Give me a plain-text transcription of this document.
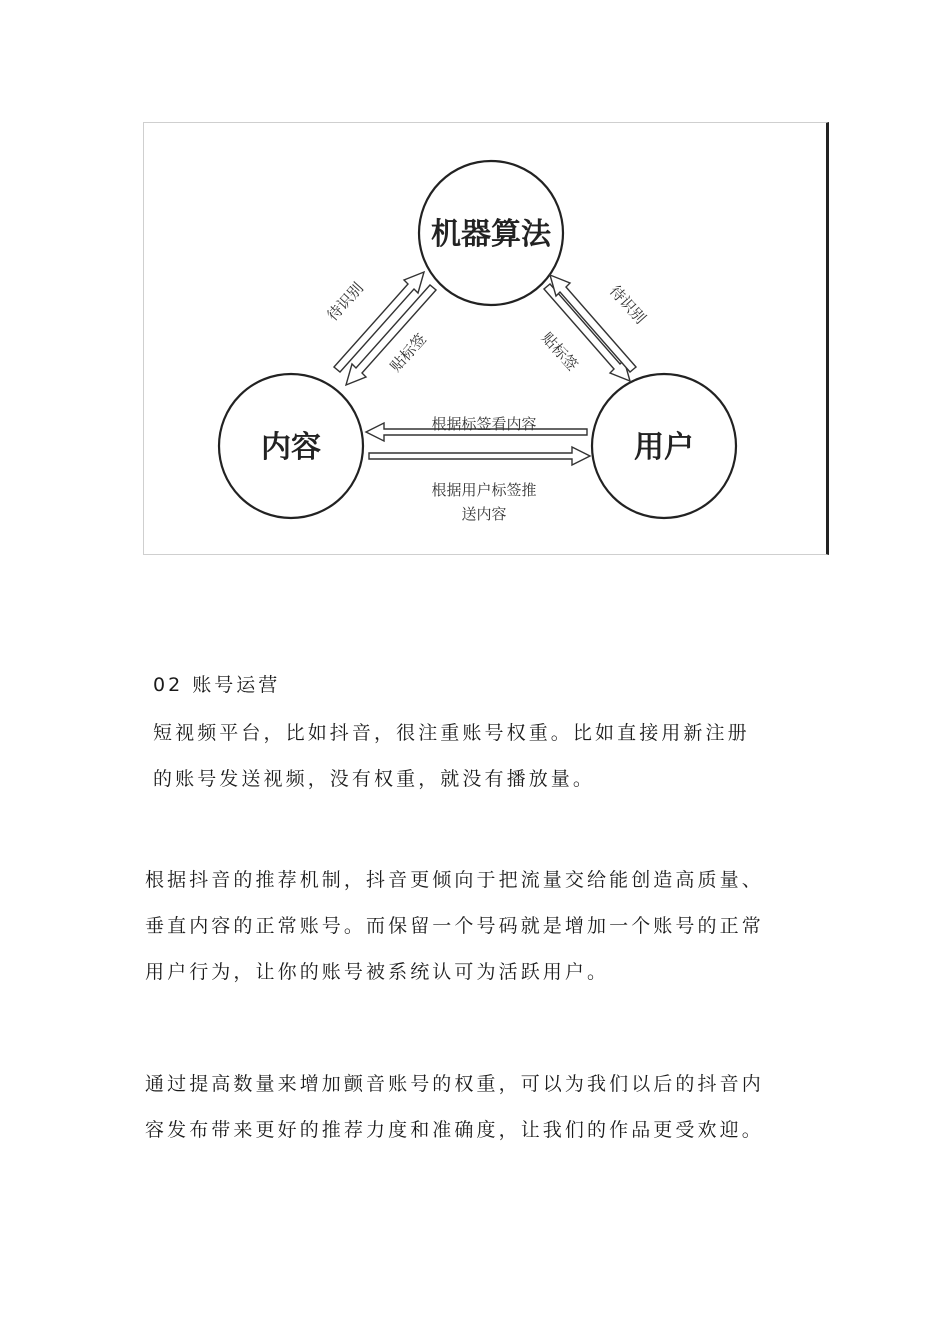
机器算法
内容	用户
待识别
贴标签
待识别
贴标签
根据标签看内容
根据用户标签推
送内容
02 账号运营

短视频平台，比如抖音，很注重账号权重。比如直接用新注册
的账号发送视频，没有权重，就没有播放量。

根据抖音的推荐机制，抖音更倾向于把流量交给能创造高质量、
垂直内容的正常账号。而保留一个号码就是增加一个账号的正常
用户行为，让你的账号被系统认可为活跃用户。

通过提高数量来增加颤音账号的权重，可以为我们以后的抖音内
容发布带来更好的推荐力度和准确度，让我们的作品更受欢迎。
